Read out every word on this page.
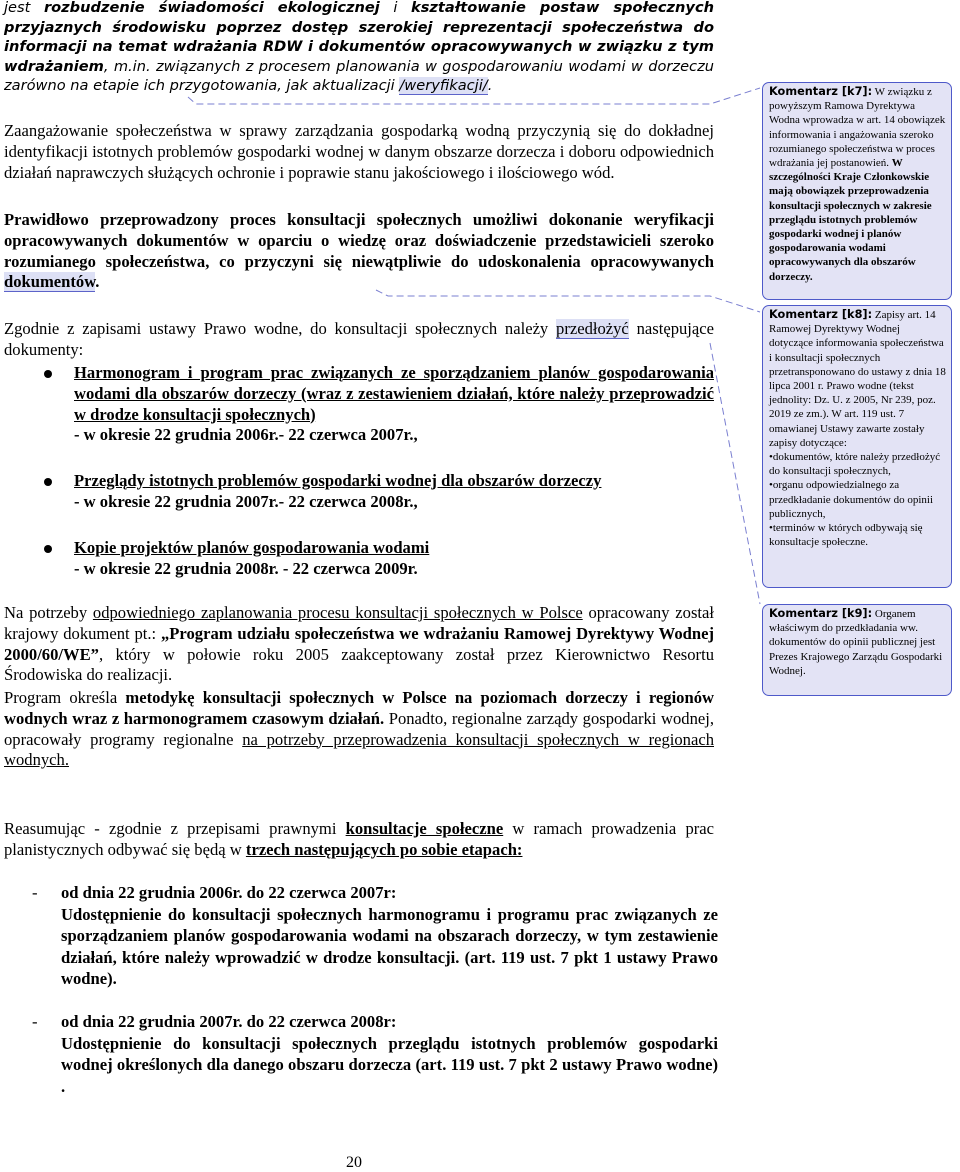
jest rozbudzenie świadomości ekologicznej i kształtowanie postaw społecznych przyjaznych środowisku poprzez dostęp szerokiej reprezentacji społeczeństwa do informacji na temat wdrażania RDW i dokumentów opracowywanych w związku z tym wdrażaniem, m.in. związanych z procesem planowania w gospodarowaniu wodami w dorzeczu zarówno na etapie ich przygotowania, jak aktualizacji /weryfikacji/.

Zaangażowanie społeczeństwa w sprawy zarządzania gospodarką wodną przyczynią się do dokładnej identyfikacji istotnych problemów gospodarki wodnej w danym obszarze dorzecza i doboru odpowiednich działań naprawczych służących ochronie i poprawie stanu jakościowego i ilościowego wód.

Prawidłowo przeprowadzony proces konsultacji społecznych umożliwi dokonanie weryfikacji opracowywanych dokumentów w oparciu o wiedzę oraz doświadczenie przedstawicieli szeroko rozumianego społeczeństwa, co przyczyni się niewątpliwie do udoskonalenia opracowywanych dokumentów.

Zgodnie z zapisami ustawy Prawo wodne, do konsultacji społecznych należy przedłożyć następujące dokumenty:

Harmonogram i program prac związanych ze sporządzaniem planów gospodarowania wodami dla obszarów dorzeczy (wraz z zestawieniem działań, które należy przeprowadzić w drodze konsultacji społecznych)
- w okresie 22 grudnia 2006r.- 22 czerwca 2007r.,
Przeglądy istotnych problemów gospodarki wodnej dla obszarów dorzeczy
- w okresie 22 grudnia 2007r.- 22 czerwca 2008r.,
Kopie projektów planów gospodarowania wodami
- w okresie 22 grudnia 2008r. - 22 czerwca 2009r.

Na potrzeby odpowiedniego zaplanowania procesu konsultacji społecznych w Polsce opracowany został krajowy dokument pt.: „Program udziału społeczeństwa we wdrażaniu Ramowej Dyrektywy Wodnej 2000/60/WE”, który w połowie roku 2005 zaakceptowany został przez Kierownictwo Resortu Środowiska do realizacji.

Program określa metodykę konsultacji społecznych w Polsce na poziomach dorzeczy i regionów wodnych wraz z harmonogramem czasowym działań. Ponadto, regionalne zarządy gospodarki wodnej, opracowały programy regionalne na potrzeby przeprowadzenia konsultacji społecznych w regionach wodnych.

Reasumując - zgodnie z przepisami prawnymi konsultacje społeczne w ramach prowadzenia prac planistycznych odbywać się będą w trzech następujących po sobie etapach:

- od dnia 22 grudnia 2006r. do 22 czerwca 2007r:
Udostępnienie do konsultacji społecznych harmonogramu i programu prac związanych ze sporządzaniem planów gospodarowania wodami na obszarach dorzeczy, w tym zestawienie działań, które należy wprowadzić w drodze konsultacji. (art. 119 ust. 7 pkt 1 ustawy Prawo wodne).
- od dnia 22 grudnia 2007r. do 22 czerwca 2008r:
Udostępnienie do konsultacji społecznych przeglądu istotnych problemów gospodarki wodnej określonych dla danego obszaru dorzecza (art. 119 ust. 7 pkt 2 ustawy Prawo wodne) .
Komentarz [k7]: W związku z powyższym Ramowa Dyrektywa Wodna wprowadza w art. 14 obowiązek informowania i angażowania szeroko rozumianego społeczeństwa w proces wdrażania jej postanowień. W szczególności Kraje Członkowskie mają obowiązek przeprowadzenia konsultacji społecznych w zakresie przeglądu istotnych problemów gospodarki wodnej i planów gospodarowania wodami opracowywanych dla obszarów dorzeczy.
Komentarz [k8]: Zapisy art. 14 Ramowej Dyrektywy Wodnej dotyczące informowania społeczeństwa i konsultacji społecznych przetransponowano do ustawy z dnia 18 lipca 2001 r. Prawo wodne (tekst jednolity: Dz. U. z 2005, Nr 239, poz. 2019 ze zm.). W art. 119 ust. 7 omawianej Ustawy zawarte zostały zapisy dotyczące:
•dokumentów, które należy przedłożyć do konsultacji społecznych,
•organu odpowiedzialnego za przedkładanie dokumentów do opinii publicznych,
•terminów w których odbywają się konsultacje społeczne.
Komentarz [k9]: Organem właściwym do przedkładania ww. dokumentów do opinii publicznej jest Prezes Krajowego Zarządu Gospodarki Wodnej.
20
